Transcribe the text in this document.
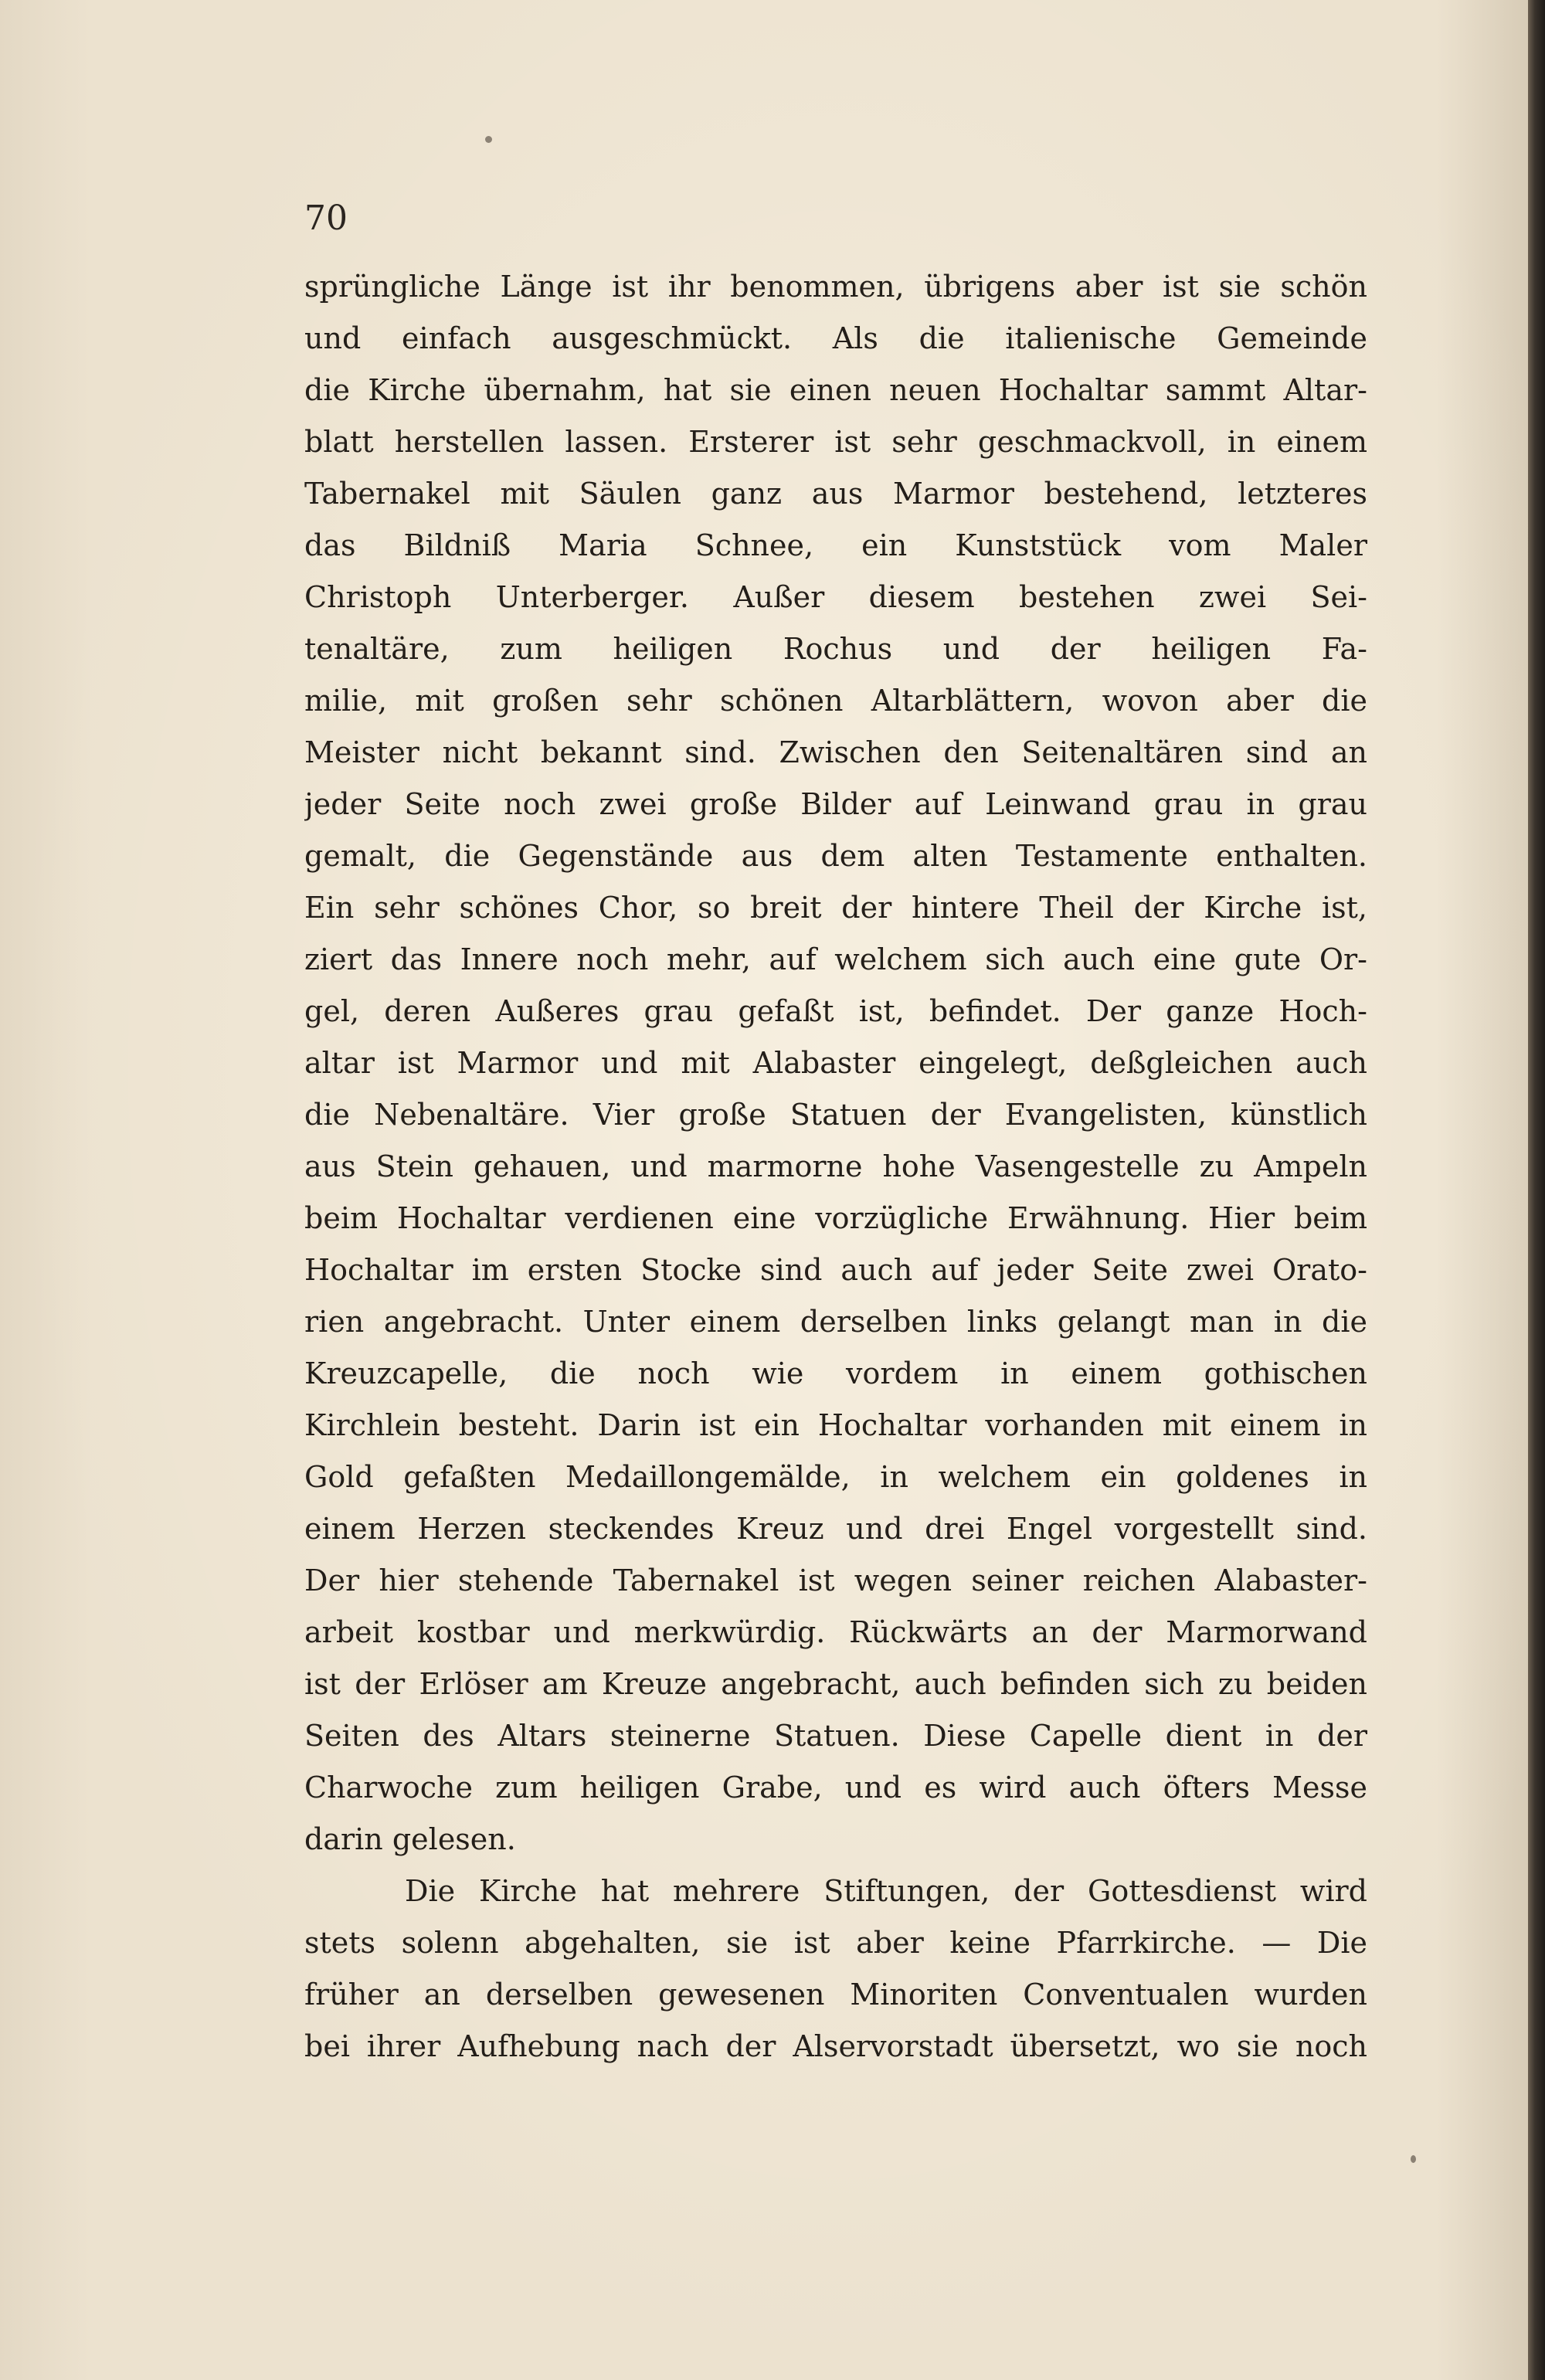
70

sprüngliche Länge ist ihr benommen, übrigens aber ist sie schön
und einfach ausgeschmückt. Als die italienische Gemeinde
die Kirche übernahm, hat sie einen neuen Hochaltar sammt Altar-
blatt herstellen lassen. Ersterer ist sehr geschmackvoll, in einem
Tabernakel mit Säulen ganz aus Marmor bestehend, letzteres
das Bildniß Maria Schnee, ein Kunststück vom Maler
Christoph Unterberger. Außer diesem bestehen zwei Sei-
tenaltäre, zum heiligen Rochus und der heiligen Fa-
milie, mit großen sehr schönen Altarblättern, wovon aber die
Meister nicht bekannt sind. Zwischen den Seitenaltären sind an
jeder Seite noch zwei große Bilder auf Leinwand grau in grau
gemalt, die Gegenstände aus dem alten Testamente enthalten.
Ein sehr schönes Chor, so breit der hintere Theil der Kirche ist,
ziert das Innere noch mehr, auf welchem sich auch eine gute Or-
gel, deren Außeres grau gefaßt ist, befindet. Der ganze Hoch-
altar ist Marmor und mit Alabaster eingelegt, deßgleichen auch
die Nebenaltäre. Vier große Statuen der Evangelisten, künstlich
aus Stein gehauen, und marmorne hohe Vasengestelle zu Ampeln
beim Hochaltar verdienen eine vorzügliche Erwähnung. Hier beim
Hochaltar im ersten Stocke sind auch auf jeder Seite zwei Orato-
rien angebracht. Unter einem derselben links gelangt man in die
Kreuzcapelle, die noch wie vordem in einem gothischen
Kirchlein besteht. Darin ist ein Hochaltar vorhanden mit einem in
Gold gefaßten Medaillongemälde, in welchem ein goldenes in
einem Herzen steckendes Kreuz und drei Engel vorgestellt sind.
Der hier stehende Tabernakel ist wegen seiner reichen Alabaster-
arbeit kostbar und merkwürdig. Rückwärts an der Marmorwand
ist der Erlöser am Kreuze angebracht, auch befinden sich zu beiden
Seiten des Altars steinerne Statuen. Diese Capelle dient in der
Charwoche zum heiligen Grabe, und es wird auch öfters Messe
darin gelesen.
Die Kirche hat mehrere Stiftungen, der Gottesdienst wird
stets solenn abgehalten, sie ist aber keine Pfarrkirche. — Die
früher an derselben gewesenen Minoriten Conventualen wurden
bei ihrer Aufhebung nach der Alservorstadt übersetzt, wo sie noch
